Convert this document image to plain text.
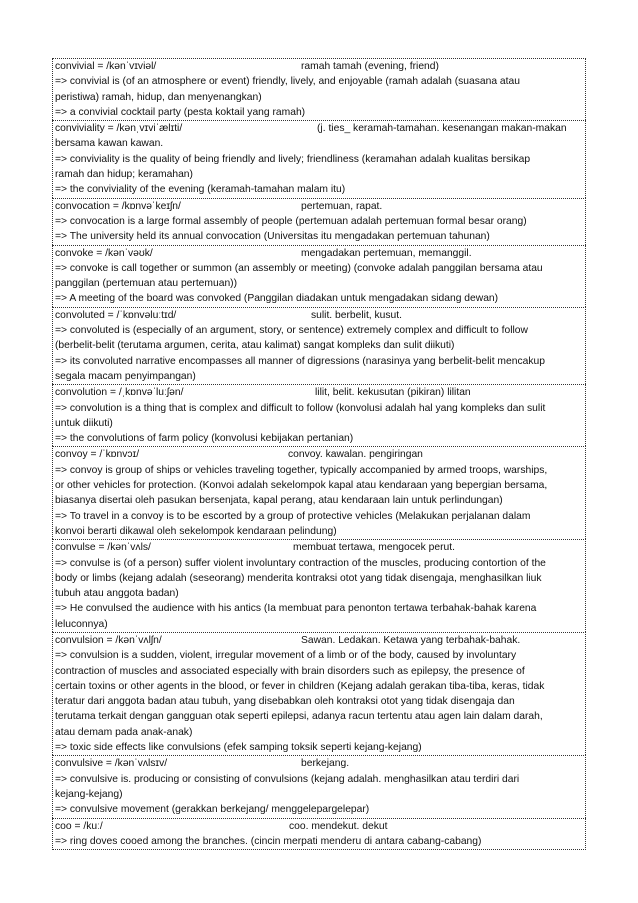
convivial = /kənˈvɪviəl/	ramah tamah (evening, friend)
=> convivial is (of an atmosphere or event) friendly, lively, and enjoyable (ramah adalah (suasana atau
peristiwa) ramah, hidup, dan menyenangkan)
=> a convivial cocktail party (pesta koktail yang ramah)
conviviality = /kənˌvɪviˈælɪti/	(j. ties_ keramah-tamahan. kesenangan makan-makan
bersama kawan kawan.
=> conviviality is the quality of being friendly and lively; friendliness (keramahan adalah kualitas bersikap
ramah dan hidup; keramahan)
=> the conviviality of the evening (keramah-tamahan malam itu)
convocation = /kɒnvəˈkeɪʃn/	pertemuan, rapat.
=> convocation is a large formal assembly of people (pertemuan adalah pertemuan formal besar orang)
=> The university held its annual convocation (Universitas itu mengadakan pertemuan tahunan)
convoke = /kənˈvəʊk/	mengadakan pertemuan, memanggil.
=> convoke is call together or summon (an assembly or meeting) (convoke adalah panggilan bersama atau
panggilan (pertemuan atau pertemuan))
=> A meeting of the board was convoked (Panggilan diadakan untuk mengadakan sidang dewan)
convoluted = /ˈkɒnvəluːtɪd/	sulit. berbelit, kusut.
=> convoluted is (especially of an argument, story, or sentence) extremely complex and difficult to follow
(berbelit-belit (terutama argumen, cerita, atau kalimat) sangat kompleks dan sulit diikuti)
=> its convoluted narrative encompasses all manner of digressions (narasinya yang berbelit-belit mencakup
segala macam penyimpangan)
convolution = /ˌkɒnvəˈluːʃən/	lilit, belit. kekusutan (pikiran) lilitan
=> convolution is a thing that is complex and difficult to follow (konvolusi adalah hal yang kompleks dan sulit
untuk diikuti)
=> the convolutions of farm policy (konvolusi kebijakan pertanian)
convoy = /ˈkɒnvɔɪ/	convoy. kawalan. pengiringan
=> convoy is group of ships or vehicles traveling together, typically accompanied by armed troops, warships,
or other vehicles for protection. (Konvoi adalah sekelompok kapal atau kendaraan yang bepergian bersama,
biasanya disertai oleh pasukan bersenjata, kapal perang, atau kendaraan lain untuk perlindungan)
=> To travel in a convoy is to be escorted by a group of protective vehicles (Melakukan perjalanan dalam
konvoi berarti dikawal oleh sekelompok kendaraan pelindung)
convulse = /kənˈvʌls/	membuat tertawa, mengocek perut.
=> convulse is (of a person) suffer violent involuntary contraction of the muscles, producing contortion of the
body or limbs (kejang adalah (seseorang) menderita kontraksi otot yang tidak disengaja, menghasilkan liuk
tubuh atau anggota badan)
=> He convulsed the audience with his antics (Ia membuat para penonton tertawa terbahak-bahak karena
leluconnya)
convulsion = /kənˈvʌlʃn/	Sawan. Ledakan. Ketawa yang terbahak-bahak.
=> convulsion is a sudden, violent, irregular movement of a limb or of the body, caused by involuntary
contraction of muscles and associated especially with brain disorders such as epilepsy, the presence of
certain toxins or other agents in the blood, or fever in children (Kejang adalah gerakan tiba-tiba, keras, tidak
teratur dari anggota badan atau tubuh, yang disebabkan oleh kontraksi otot yang tidak disengaja dan
terutama terkait dengan gangguan otak seperti epilepsi, adanya racun tertentu atau agen lain dalam darah,
atau demam pada anak-anak)
=> toxic side effects like convulsions (efek samping toksik seperti kejang-kejang)
convulsive = /kənˈvʌlsɪv/	berkejang.
=> convulsive is. producing or consisting of convulsions (kejang adalah. menghasilkan atau terdiri dari
kejang-kejang)
=> convulsive movement (gerakkan berkejang/ menggelepargelepar)
coo = /kuː/	coo. mendekut. dekut
=> ring doves cooed among the branches. (cincin merpati menderu di antara cabang-cabang)
